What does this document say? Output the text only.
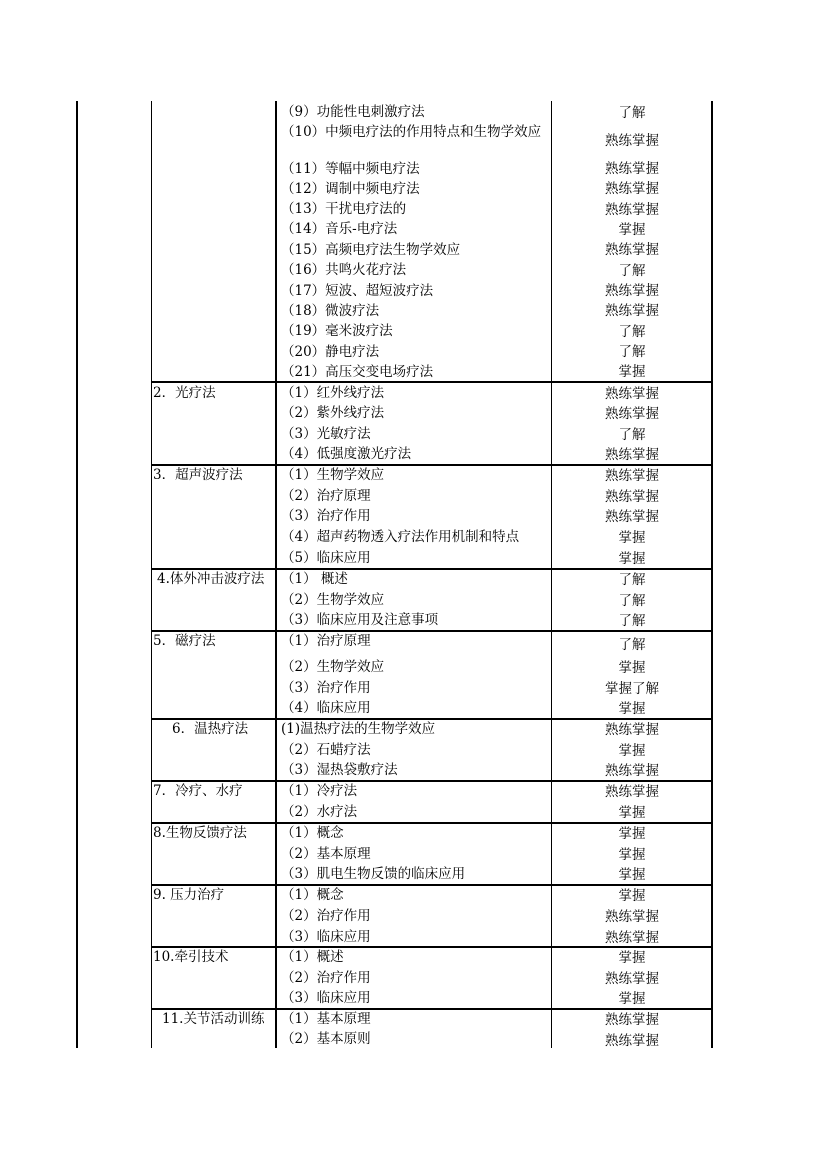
2．光疗法
3．超声波疗法
4.体外冲击波疗法
5．磁疗法
6．温热疗法
7．冷疗、水疗
8.生物反馈疗法
9. 压力治疗
10.牵引技术
11.关节活动训练
（9）功能性电刺激疗法
（10）中频电疗法的作用特点和生物学效应
（11）等幅中频电疗法
（12）调制中频电疗法
（13）干扰电疗法的
（14）音乐-电疗法
（15）高频电疗法生物学效应
（16）共鸣火花疗法
（17）短波、超短波疗法
（18）微波疗法
（19）毫米波疗法
（20）静电疗法
（21）高压交变电场疗法
（1）红外线疗法
（2）紫外线疗法
（3）光敏疗法
（4）低强度激光疗法
（1）生物学效应
（2）治疗原理
（3）治疗作用
（4）超声药物透入疗法作用机制和特点
（5）临床应用
（1） 概述
（2）生物学效应
（3）临床应用及注意事项
（1）治疗原理
（2）生物学效应
（3）治疗作用
（4）临床应用
(1)温热疗法的生物学效应
（2）石蜡疗法
（3）湿热袋敷疗法
（1）冷疗法
（2）水疗法
（1）概念
（2）基本原理
（3）肌电生物反馈的临床应用
（1）概念
（2）治疗作用
（3）临床应用
（1）概述
（2）治疗作用
（3）临床应用
（1）基本原理
（2）基本原则
了解
熟练掌握
熟练掌握
熟练掌握
熟练掌握
掌握
熟练掌握
了解
熟练掌握
熟练掌握
了解
了解
掌握
熟练掌握
熟练掌握
了解
熟练掌握
熟练掌握
熟练掌握
熟练掌握
掌握
掌握
了解
了解
了解
了解
掌握
掌握了解
掌握
熟练掌握
掌握
熟练掌握
熟练掌握
掌握
掌握
掌握
掌握
掌握
熟练掌握
熟练掌握
掌握
熟练掌握
掌握
熟练掌握
熟练掌握
